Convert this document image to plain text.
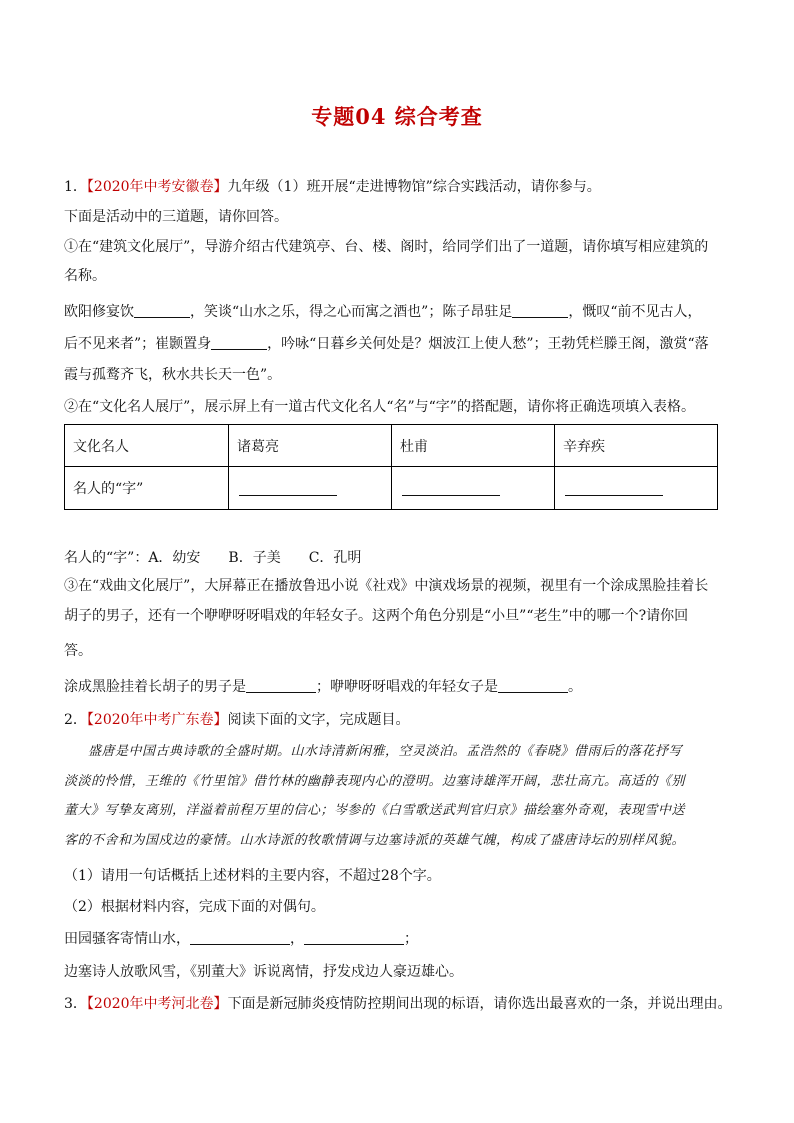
专题04 综合考查
1．【2020年中考安徽卷】九年级（1）班开展“走进博物馆”综合实践活动，请你参与。
下面是活动中的三道题，请你回答。
①在“建筑文化展厅”，导游介绍古代建筑亭、台、楼、阁时，给同学们出了一道题，请你填写相应建筑的
名称。
欧阳修宴饮	，笑谈“山水之乐，得之心而寓之酒也”；陈子昂驻足	，慨叹“前不见古人，
后不见来者”；崔颢置身	，吟咏“日暮乡关何处是？烟波江上使人愁”；王勃凭栏滕王阁，激赏“落
霞与孤鹜齐飞，秋水共长天一色”。
②在“文化名人展厅”，展示屏上有一道古代文化名人“名”与“字”的搭配题，请你将正确选项填入表格。
文化名人	诸葛亮	杜甫	辛弃疾
名人的“字”			
名人的“字”：A．幼安　　B．子美　　C．孔明
③在“戏曲文化展厅”，大屏幕正在播放鲁迅小说《社戏》中演戏场景的视频，视里有一个涂成黑脸挂着长
胡子的男子，还有一个咿咿呀呀唱戏的年轻女子。这两个角色分别是“小旦”“老生”中的哪一个?请你回
答。
涂成黑脸挂着长胡子的男子是	；咿咿呀呀唱戏的年轻女子是	。
2．【2020年中考广东卷】阅读下面的文字，完成题目。
盛唐是中国古典诗歌的全盛时期。山水诗清新闲雅，空灵淡泊。孟浩然的《春晓》借雨后的落花抒写
淡淡的怜惜，王维的《竹里馆》借竹林的幽静表现内心的澄明。边塞诗雄浑开阔，悲壮高亢。高适的《别
董大》写挚友离别，洋溢着前程万里的信心；岑参的《白雪歌送武判官归京》描绘塞外奇观，表现雪中送
客的不舍和为国戍边的豪情。山水诗派的牧歌情调与边塞诗派的英雄气魄，构成了盛唐诗坛的别样风貌。
（1）请用一句话概括上述材料的主要内容，不超过28个字。
（2）根据材料内容，完成下面的对偶句。
田园骚客寄情山水，	，	；
边塞诗人放歌风雪，《别董大》诉说离情，抒发戍边人豪迈雄心。
3．【2020年中考河北卷】下面是新冠肺炎疫情防控期间出现的标语，请你选出最喜欢的一条，并说出理由。
